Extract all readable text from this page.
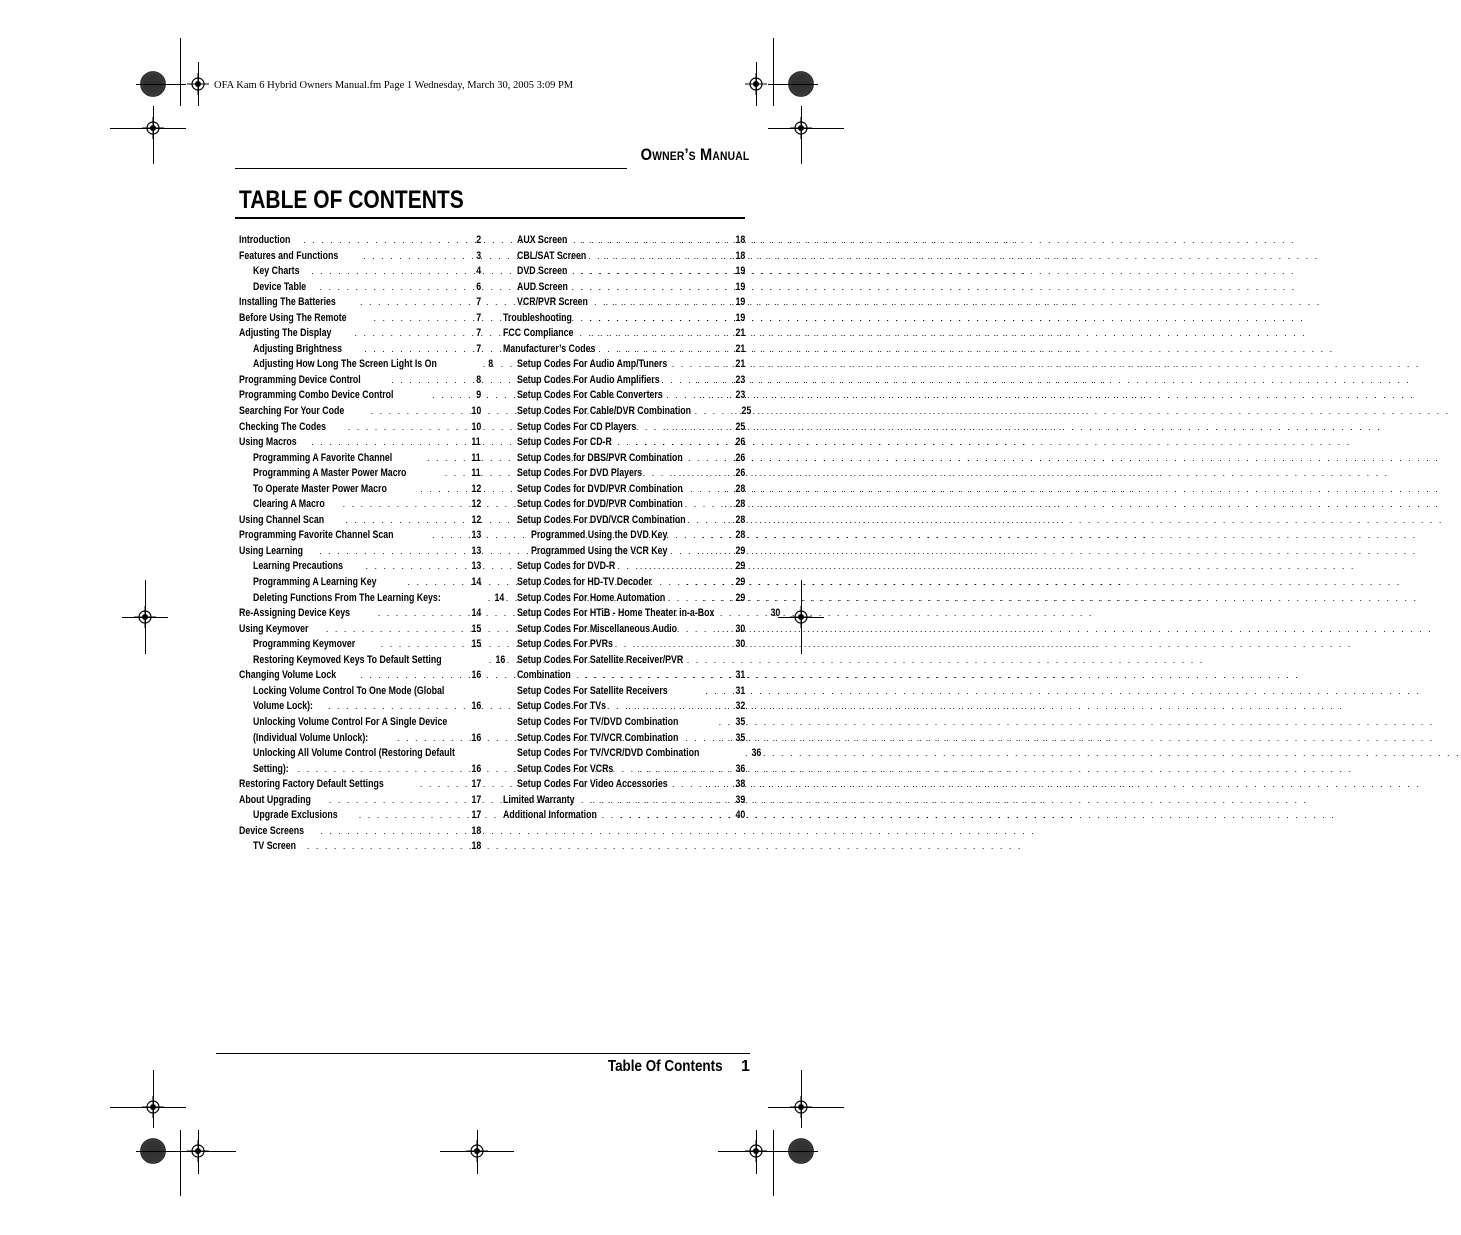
OFA Kam 6 Hybrid Owners Manual.fm Page 1 Wednesday, March 30, 2005 3:09 PM
Owner’s Manual
TABLE OF CONTENTS
Introduction . . .	2
Features and Functions . . .	3
Key Charts . . .	4
Device Table . . .	6
Installing The Batteries . . .	7
Before Using The Remote . . .	7
Adjusting The Display . . .	7
Adjusting Brightness . . .	7
Adjusting How Long The Screen Light Is On . . .	8
Programming Device Control . . .	8
Programming Combo Device Control . . .	9
Searching For Your Code . . .	10
Checking The Codes . . .	10
Using Macros . . .	11
Programming A Favorite Channel . . .	11
Programming A Master Power Macro . . .	11
To Operate Master Power Macro . . .	12
Clearing A Macro . . .	12
Using Channel Scan . . .	12
Programming Favorite Channel Scan . . .	13
Using Learning . . .	13
Learning Precautions . . .	13
Programming A Learning Key . . .	14
Deleting Functions From The Learning Keys: . . .	14
Re-Assigning Device Keys . . .	14
Using Keymover . . .	15
Programming Keymover . . .	15
Restoring Keymoved Keys To Default Setting . . .	16
Changing Volume Lock . . .	16
Locking Volume Control To One Mode (Global
Volume Lock): . . .	16
Unlocking Volume Control For A Single Device
(Individual Volume Unlock): . . .	16
Unlocking All Volume Control (Restoring Default
Setting): . . .	16
Restoring Factory Default Settings . . .	17
About Upgrading . . .	17
Upgrade Exclusions . . .	17
Device Screens . . .	18
TV Screen . . .	18
AUX Screen . . .	18
CBL/SAT Screen . . .	18
DVD Screen . . .	19
AUD Screen . . .	19
VCR/PVR Screen . . .	19
Troubleshooting . . .	19
FCC Compliance . . .	21
Manufacturer’s Codes . . .	21
Setup Codes For Audio Amp/Tuners . . .	21
Setup Codes For Audio Amplifiers . . .	23
Setup Codes For Cable Converters . . .	23
Setup Codes For Cable/DVR Combination . . .	25
Setup Codes For CD Players . . .	25
Setup Codes For CD-R . . .	26
Setup Codes for DBS/PVR Combination . . .	26
Setup Codes For DVD Players . . .	26
Setup Codes for DVD/PVR Combination . . .	28
Setup Codes for DVD/PVR Combination . . .	28
Setup Codes For DVD/VCR Combination . . .	28
Programmed Using the DVD Key . . .	28
Programmed Using the VCR Key . . .	29
Setup Codes for DVD-R . . .	29
Setup Codes for HD-TV Decoder . . .	29
Setup Codes For Home Automation . . .	29
Setup Codes For HTiB - Home Theater in-a-Box	30
Setup Codes For Miscellaneous Audio . . .	30
Setup Codes For PVRs . . .	30
Setup Codes For Satellite Receiver/PVR
Combination . . .	31
Setup Codes For Satellite Receivers . . .	31
Setup Codes For TVs . . .	32
Setup Codes For TV/DVD Combination . . .	35
Setup Codes For TV/VCR Combination . . .	35
Setup Codes For TV/VCR/DVD Combination . . .	36
Setup Codes For VCRs . . .	36
Setup Codes For Video Accessories . . .	38
Limited Warranty . . .	39
Additional Information . . .	40
Table Of Contents 1
